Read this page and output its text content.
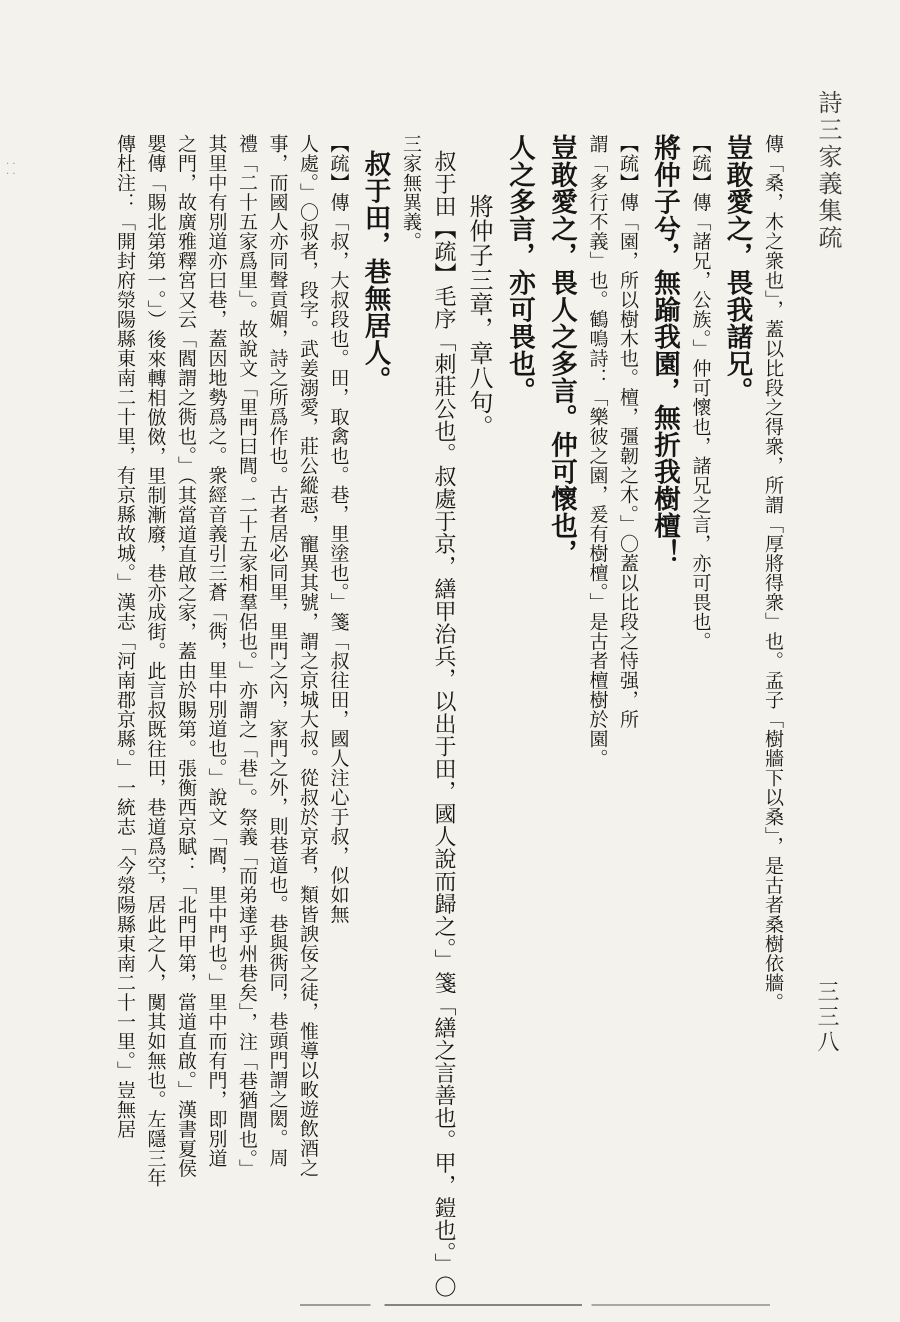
· ·
· ·	詩三家義集疏
三三八
傳「桑，木之衆也」，蓋以比段之得衆，所謂「厚將得衆」也。孟子「樹牆下以桑」，是古者桑樹依牆。
豈敢愛之，畏我諸兄。
【疏】傳「諸兄，公族。」仲可懷也，諸兄之言，亦可畏也。
將仲子兮，無踰我園，無折我樹檀！
【疏】傳「園，所以樹木也。檀，彊韌之木。」〇蓋以比段之恃强，所
謂「多行不義」也。鶴鳴詩：「樂彼之園，爰有樹檀。」是古者檀樹於園。
豈敢愛之，畏人之多言。仲可懷也，
人之多言，亦可畏也。
將仲子三章，章八句。
叔于田【疏】毛序「刺莊公也。叔處于京，繕甲治兵，以出于田，國人說而歸之。」箋「繕之言善也。甲，鎧也。」〇
三家無異義。
叔于田，巷無居人。
【疏】傳「叔，大叔段也。田，取禽也。巷，里塗也。」箋「叔往田，國人注心于叔，似如無
人處。」〇叔者，段字。武姜溺愛，莊公縱惡，寵異其號，謂之京城大叔。從叔於京者，類皆諛佞之徒，惟導以畋遊飲酒之
事，而國人亦同聲貢媚，詩之所爲作也。古者居必同里，里門之內，家門之外，則巷道也。巷與衖同，巷頭門謂之閎。周
禮「二十五家爲里」。故說文「里門曰閭。二十五家相羣侶也。」亦謂之「巷」。祭義「而弟達乎州巷矣」，注「巷猶閭也。」
其里中有別道亦曰巷，蓋因地勢爲之。衆經音義引三蒼「衖，里中別道也。」說文「閻，里中門也。」里中而有門，即別道
之門，故廣雅釋宮又云「閻謂之衖也。」（其當道直啟之家，蓋由於賜第。張衡西京賦：「北門甲第，當道直啟。」漢書夏侯
嬰傳「賜北第第一。」）後來轉相倣傚，里制漸廢，巷亦成街。此言叔既往田，巷道爲空，居此之人，闃其如無也。左隱三年
傳杜注：「開封府滎陽縣東南二十里，有京縣故城。」漢志「河南郡京縣。」一統志「今滎陽縣東南二十一里。」豈無居
